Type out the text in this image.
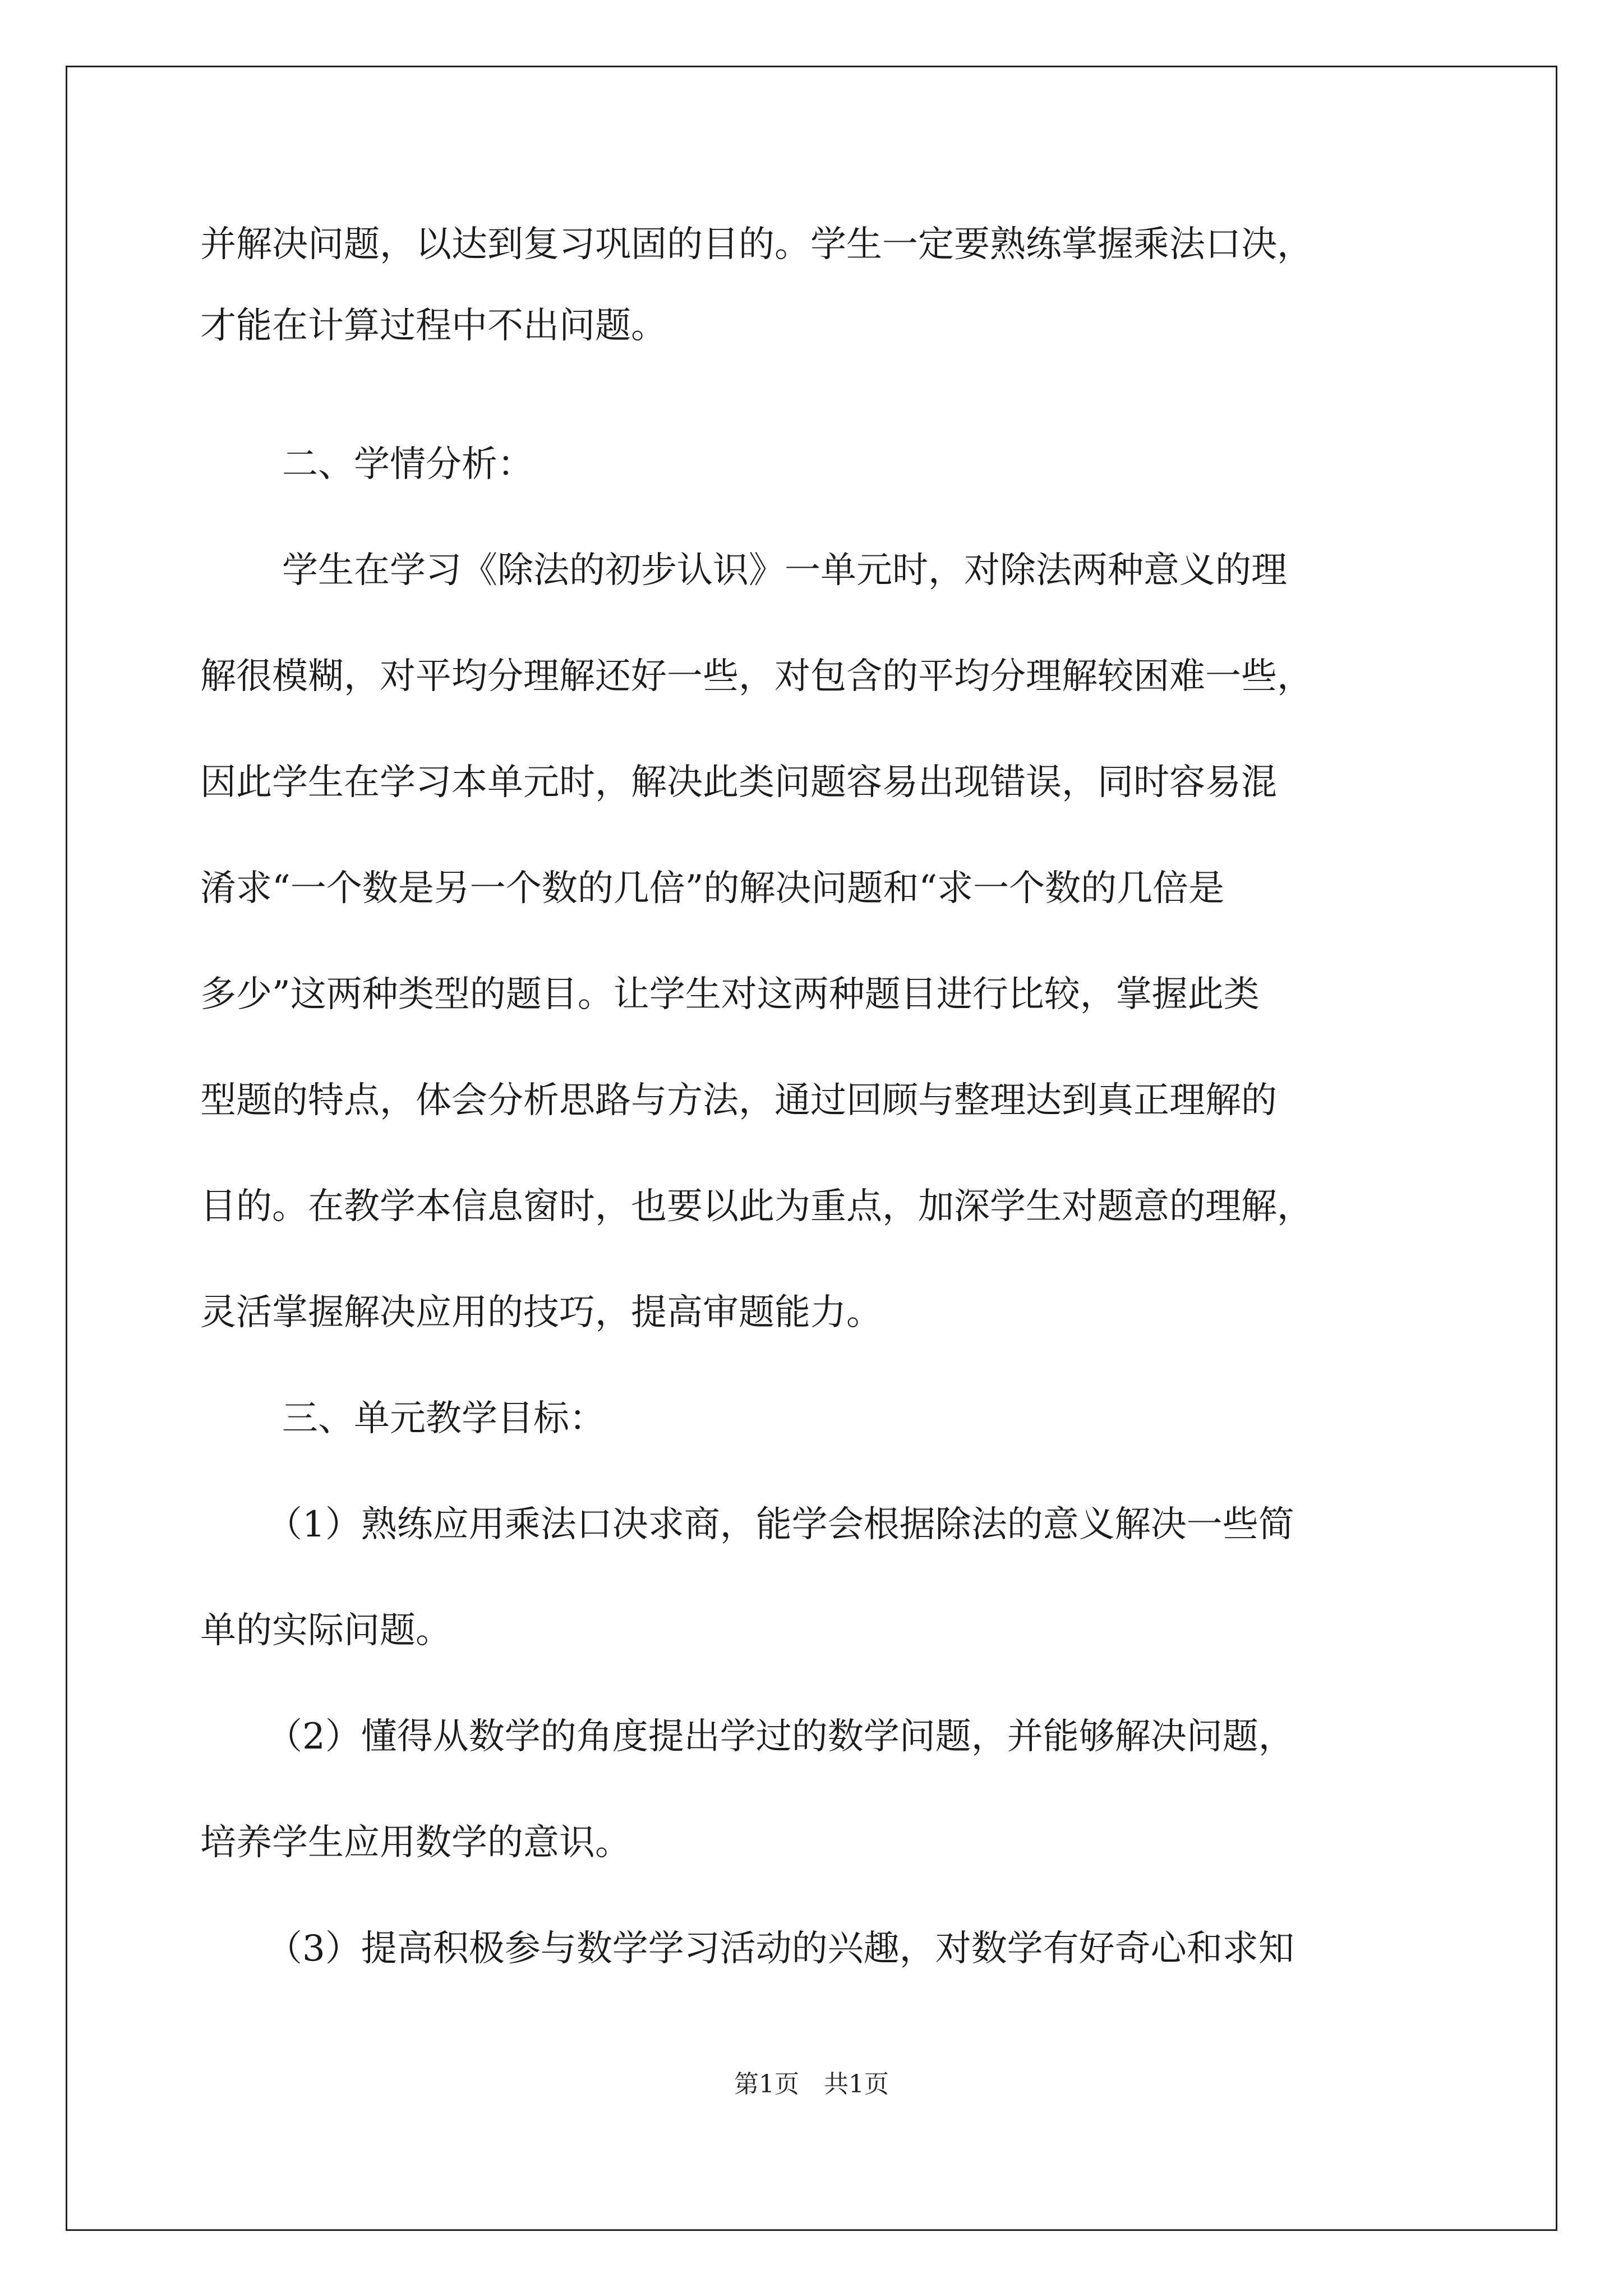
并解决问题，以达到复习巩固的目的。学生一定要熟练掌握乘法口决，
才能在计算过程中不出问题。
二、学情分析：
学生在学习《除法的初步认识》一单元时，对除法两种意义的理
解很模糊，对平均分理解还好一些，对包含的平均分理解较困难一些，
因此学生在学习本单元时，解决此类问题容易出现错误，同时容易混
淆求“一个数是另一个数的几倍”的解决问题和“求一个数的几倍是
多少”这两种类型的题目。让学生对这两种题目进行比较，掌握此类
型题的特点，体会分析思路与方法，通过回顾与整理达到真正理解的
目的。在教学本信息窗时，也要以此为重点，加深学生对题意的理解，
灵活掌握解决应用的技巧，提高审题能力。
三、单元教学目标：
（1）熟练应用乘法口决求商，能学会根据除法的意义解决一些简
单的实际问题。
（2）懂得从数学的角度提出学过的数学问题，并能够解决问题，
培养学生应用数学的意识。
（3）提高积极参与数学学习活动的兴趣，对数学有好奇心和求知
第1页　共1页
